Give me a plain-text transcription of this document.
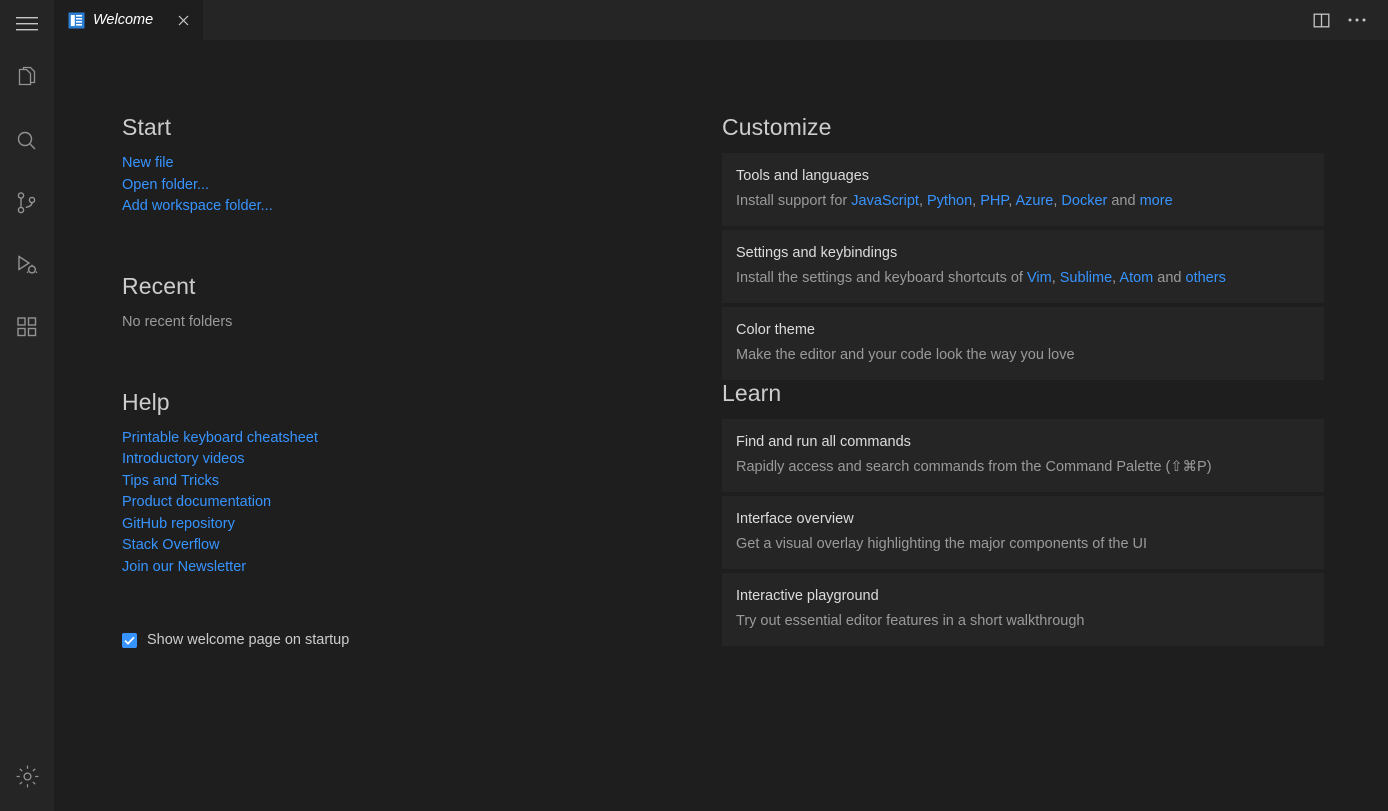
Welcome
Start
New file
Open folder...
Add workspace folder...
Recent
No recent folders
Help
Printable keyboard cheatsheet
Introductory videos
Tips and Tricks
Product documentation
GitHub repository
Stack Overflow
Join our Newsletter
Show welcome page on startup
Customize
Tools and languages
Install support for JavaScript, Python, PHP, Azure, Docker and more
Settings and keybindings
Install the settings and keyboard shortcuts of Vim, Sublime, Atom and others
Color theme
Make the editor and your code look the way you love
Learn
Find and run all commands
Rapidly access and search commands from the Command Palette (⇧⌘P)
Interface overview
Get a visual overlay highlighting the major components of the UI
Interactive playground
Try out essential editor features in a short walkthrough
